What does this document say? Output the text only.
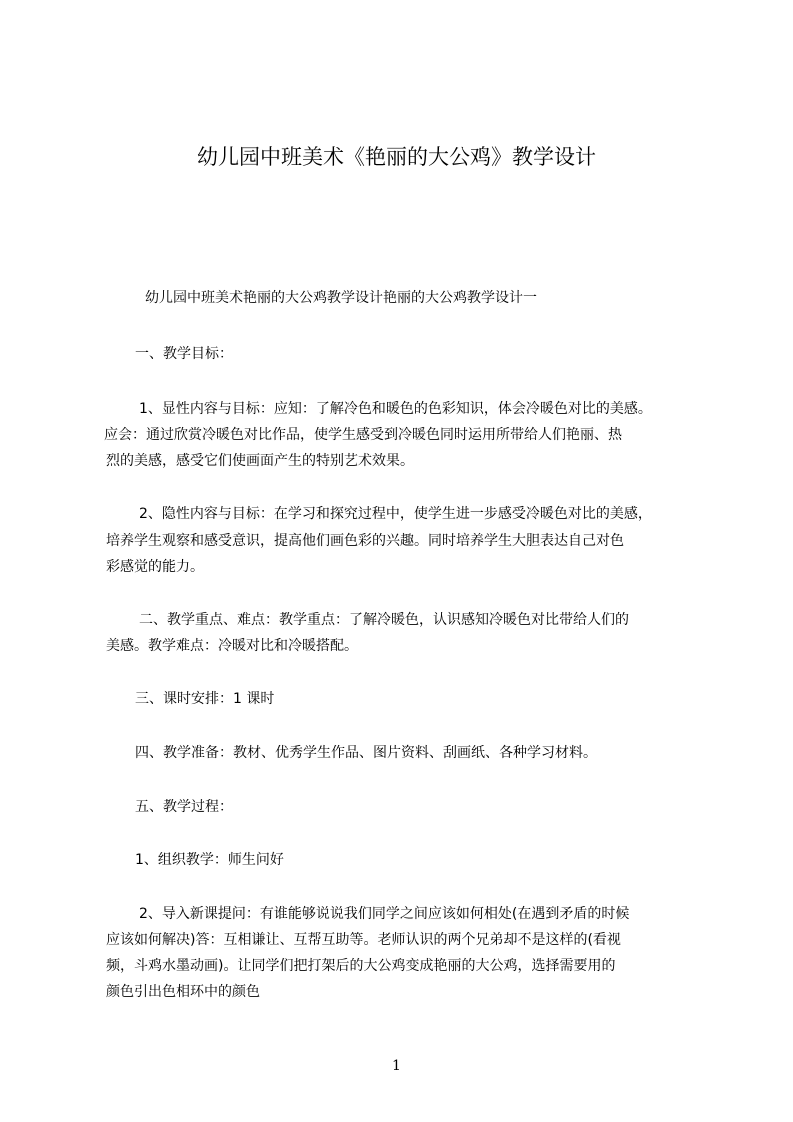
幼儿园中班美术《艳丽的大公鸡》教学设计

幼儿园中班美术艳丽的大公鸡教学设计艳丽的大公鸡教学设计一

一、教学目标：

1、显性内容与目标：应知：了解冷色和暖色的色彩知识，体会冷暖色对比的美感。

应会：通过欣赏冷暖色对比作品，使学生感受到冷暖色同时运用所带给人们艳丽、热

烈的美感，感受它们使画面产生的特别艺术效果。

2、隐性内容与目标：在学习和探究过程中，使学生进一步感受冷暖色对比的美感，

培养学生观察和感受意识，提高他们画色彩的兴趣。同时培养学生大胆表达自己对色

彩感觉的能力。

二、教学重点、难点：教学重点：了解冷暖色，认识感知冷暖色对比带给人们的

美感。教学难点：冷暖对比和冷暖搭配。

三、课时安排：1 课时

四、教学准备：教材、优秀学生作品、图片资料、刮画纸、各种学习材料。

五、教学过程：

1、组织教学：师生问好

2、导入新课提问：有谁能够说说我们同学之间应该如何相处(在遇到矛盾的时候

应该如何解决)答：互相谦让、互帮互助等。老师认识的两个兄弟却不是这样的(看视

频，斗鸡水墨动画)。让同学们把打架后的大公鸡变成艳丽的大公鸡，选择需要用的

颜色引出色相环中的颜色

1
